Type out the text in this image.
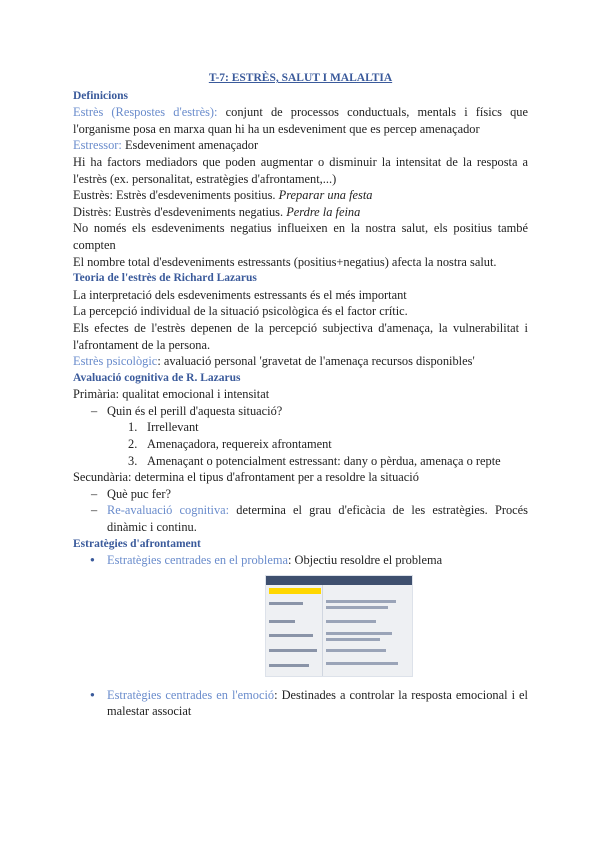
T-7: ESTRÈS, SALUT I MALALTIA
Definicions
Estrès (Respostes d'estrès): conjunt de processos conductuals, mentals i físics que l'organisme posa en marxa quan hi ha un esdeveniment que es percep amenaçador
Estressor: Esdeveniment amenaçador
Hi ha factors mediadors que poden augmentar o disminuir la intensitat de la resposta a l'estrès (ex. personalitat, estratègies d'afrontament,...)
Eustrès: Estrès d'esdeveniments positius. Preparar una festa
Distrès: Eustrès d'esdeveniments negatius. Perdre la feina
No només els esdeveniments negatius influeixen en la nostra salut, els positius també compten
El nombre total d'esdeveniments estressants (positius+negatius) afecta la nostra salut.
Teoria de l'estrès de Richard Lazarus
La interpretació dels esdeveniments estressants és el més important
La percepció individual de la situació psicològica és el factor crític.
Els efectes de l'estrès depenen de la percepció subjectiva d'amenaça, la vulnerabilitat i l'afrontament de la persona.
Estrès psicològic: avaluació personal 'gravetat de l'amenaça recursos disponibles'
Avaluació cognitiva de R. Lazarus
Primària: qualitat emocional i intensitat
– Quin és el perill d'aquesta situació?
1. Irrellevant
2. Amenaçadora, requereix afrontament
3. Amenaçant o potencialment estressant: dany o pèrdua, amenaça o repte
Secundària: determina el tipus d'afrontament per a resoldre la situació
– Què puc fer?
– Re-avaluació cognitiva: determina el grau d'eficàcia de les estratègies. Procés dinàmic i continu.
Estratègies d'afrontament
● Estratègies centrades en el problema: Objectiu resoldre el problema
● Estratègies centrades en l'emoció: Destinades a controlar la resposta emocional i el malestar associat
